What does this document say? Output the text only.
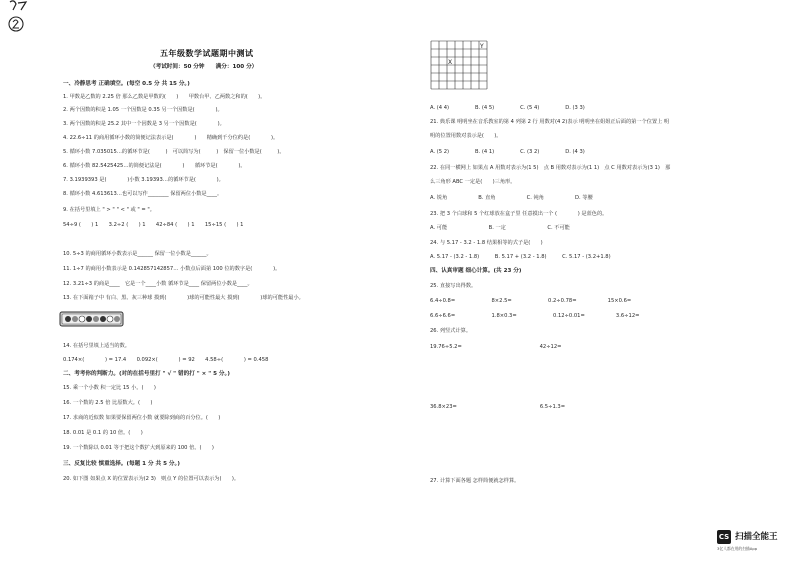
五年级数学试题期中测试
（考试时间：50 分钟　　满分：100 分）
一、冷静思考 正确填空。(每空 0.5 分 共 15 分。)
1. 甲数是乙数的 2.25 倍 那么乙数是甲数的(　　)　　甲数台甲、乙两数之和的(　　)。
2. 两个因数的积是 1.05 一个因数是 0.35 另一个因数是(　　　　)。
3. 两个因数的积是 25.2 其中一个因数是 3 另一个因数是(　　　　)。
4. 22.6÷11 的商用循环小数的简便记法表示是(　　　　)　　精确到千分位约是(　　　　)。
5. 循环小数 7.035015…的循环节是(　　　)　可以简写为(　　　)　保留一位小数是(　　　)。
6. 循环小数 82.5425425…的简便记法是(　　　　)　　循环节是(　　　　)。
7. 3.1939393 是(　　　　)小数 3.19393…的循环节是(　　　　)。
8. 循环小数 4.613613…也可以写作________ 保留两位小数是____。
9. 在括号里填上 " > " " < " 或 " = "。
54÷9 (　　) 1　　3.2÷2 (　　) 1　　42÷84 (　　) 1　　15÷15 (　　) 1
10. 5÷3 的商用循环小数表示是______ 保留一位小数是______。
11. 1÷7 的商用小数表示是 0.142857142857… 小数点后面第 100 位的数字是(　　　　)。
12. 3.21÷3 的商是____　它是一个____小数 循环节是____ 保留两位小数是____。
13. 在下面箱子中 有白、黑、灰三种球 摸到(　　　　)球的可能性最大 摸到(　　　　)球的可能性最小。
14. 在括号里填上适当的数。
0.174×(　　　　) = 17.4　　0.092×(　　　　) = 92　　4.58÷(　　　　) = 0.458
二、考考你的判断力。(对的在括号里打 " √ " 错的打 " × " 5 分。)
15. 乘一个小数 积一定比 15 小。(　　)
16. 一个数的 2.5 倍 比原数大。(　　)
17. 求商的近似数 如果要保留两位小数 就要除到商的百分位。(　　)
18. 0.01 是 0.1 的 10 倍。(　　)
19. 一个数除以 0.01 等于把这个数扩大到原来的 100 倍。(　　)
三、反复比较 慎重选择。(每题 1 分 共 5 分。)
20. 如下图 如果点 X 的位置表示为(2 3)　则点 Y 的位置可以表示为(　　)。
A. (4 4)　　　　　B. (4 5)　　　　　C. (5 4)　　　　　D. (3 3)
21. 典乐课 明明坐在音乐教室的第 4 列第 2 行 用数对(4 2)表示 明明坐在姐姐正后面的第一个位置上 明
明的位置用数对表示是(　　)。
A. (5 2)　　　　　B. (4 1)　　　　　C. (3 2)　　　　　D. (4 3)
22. 在同一横网上 如果点 A 用数对表示为(1 5)　点 B 用数对表示为(1 1)　点 C 用数对表示为(3 1)　那
么三角形 ABC 一定是(　　)三角形。
A. 锐角　　　　　　B. 直角　　　　　　C. 钝角　　　　　　D. 等腰
23. 把 3 个白球和 5 个红球放在盒子里 任意摸出一个 (　　　　) 是蓝色的。
A. 可能　　　　　　　　B. 一定　　　　　　　　C. 不可能
24. 与 5.17 - 3.2 - 1.8 结果相等的式子是(　　)
A. 5.17 - (3.2 - 1.8)　　　B. 5.17 + (3.2 - 1.8)　　　C. 5.17 - (3.2+1.8)
四、认真审题 细心计算。(共 23 分)
25. 直接写出得数。
6.4÷0.8=　　　　　　　8×2.5=　　　　　　　0.2÷0.78=　　　　　　15×0.6=
6.6÷6.6=　　　　　　　1.8×0.3=　　　　　　　0.12÷0.01=　　　　　　3.6÷12=
26. 列竖式计算。
19.76÷5.2=　　　　　　　　　　　　　　　42÷12=
36.8×23=　　　　　　　　　　　　　　　　6.5÷1.3=
27. 计算下面各题 怎样简便就怎样算。
X
Y
CS 扫描全能王
3亿人都在用的扫描App
